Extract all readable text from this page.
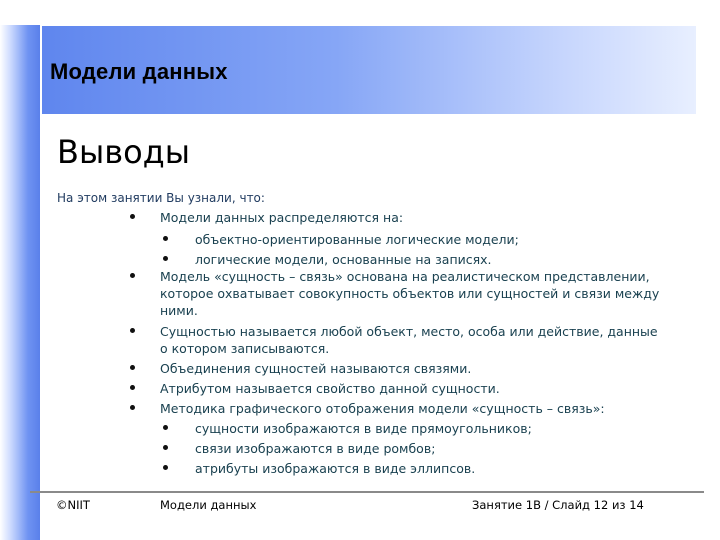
Модели данных
Выводы
На этом занятии Вы узнали, что:
Модели данных распределяются на:
объектно-ориентированные логические модели;
логические модели, основанные на записях.
Модель «сущность – связь» основана на реалистическом представлении, которое охватывает совокупность объектов или сущностей и связи между ними.
Сущностью называется любой объект, место, особа или действие, данные о котором записываются.
Объединения сущностей называются связями.
Атрибутом называется свойство данной сущности.
Методика графического отображения модели «сущность – связь»:
сущности изображаются в виде прямоугольников;
связи изображаются в виде ромбов;
атрибуты изображаются в виде эллипсов.
©NIIT	Модели данных	Занятие 1В / Слайд 12 из 14
